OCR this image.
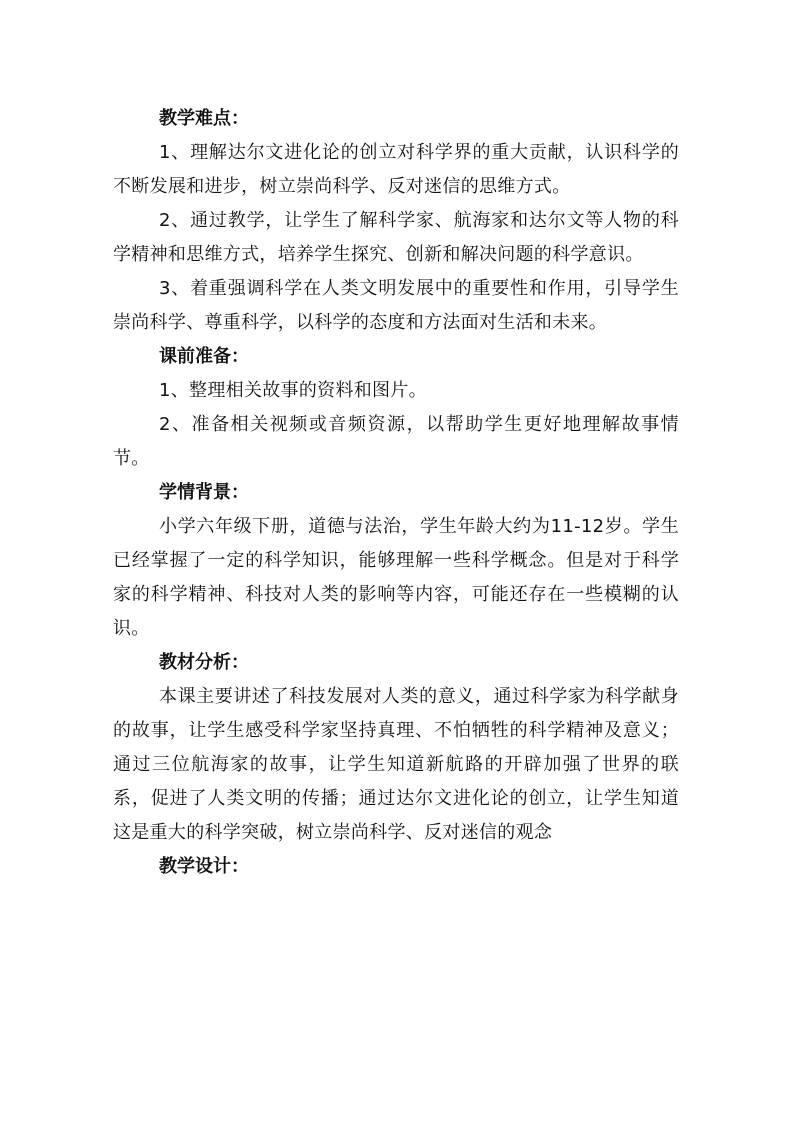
教学难点：

1、理解达尔文进化论的创立对科学界的重大贡献，认识科学的不断发展和进步，树立崇尚科学、反对迷信的思维方式。

2、通过教学，让学生了解科学家、航海家和达尔文等人物的科学精神和思维方式，培养学生探究、创新和解决问题的科学意识。

3、着重强调科学在人类文明发展中的重要性和作用，引导学生崇尚科学、尊重科学，以科学的态度和方法面对生活和未来。

课前准备：

1、整理相关故事的资料和图片。

2、准备相关视频或音频资源，以帮助学生更好地理解故事情节。

学情背景：

小学六年级下册，道德与法治，学生年龄大约为11-12岁。学生已经掌握了一定的科学知识，能够理解一些科学概念。但是对于科学家的科学精神、科技对人类的影响等内容，可能还存在一些模糊的认识。

教材分析：

本课主要讲述了科技发展对人类的意义，通过科学家为科学献身的故事，让学生感受科学家坚持真理、不怕牺牲的科学精神及意义；通过三位航海家的故事，让学生知道新航路的开辟加强了世界的联系，促进了人类文明的传播；通过达尔文进化论的创立，让学生知道这是重大的科学突破，树立崇尚科学、反对迷信的观念

教学设计：
